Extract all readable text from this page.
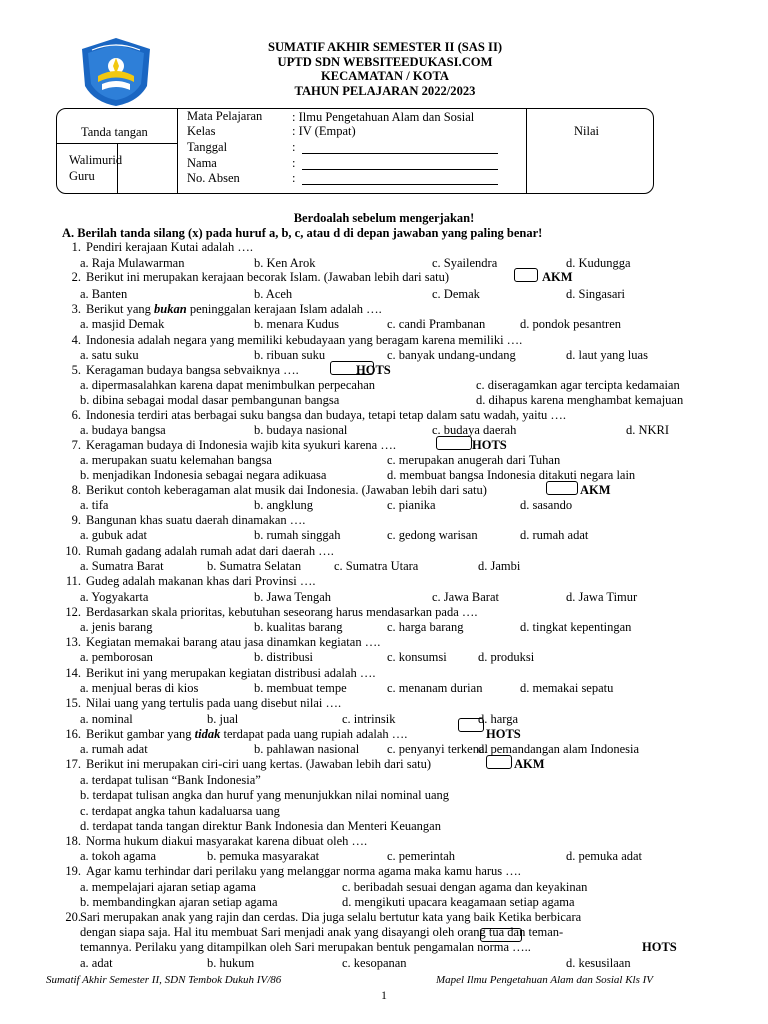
SUMATIF AKHIR SEMESTER II (SAS II)
UPTD SDN WEBSITEEDUKASI.COM
KECAMATAN / KOTA
TAHUN PELAJARAN 2022/2023
Tanda tangan
Walimurid
Guru
Mata Pelajaran : Ilmu Pengetahuan Alam dan Sosial
Kelas	: IV (Empat)
Tanggal	:
Nama	:
No. Absen	:
Nilai
Berdoalah sebelum mengerjakan!
A. Berilah tanda silang (x) pada huruf a, b, c, atau d di depan jawaban yang paling benar!
1. Pendiri kerajaan Kutai adalah ….
a. Raja Mulawarman	b. Ken Arok	c. Syailendra	d. Kudungga
2. Berikut ini merupakan kerajaan becorak Islam. (Jawaban lebih dari satu)	AKM
a. Banten	b. Aceh	c. Demak	d. Singasari
3. Berikut yang bukan peninggalan kerajaan Islam adalah ….
a. masjid Demak	b. menara Kudus	c. candi Prambanan	d. pondok pesantren
4. Indonesia adalah negara yang memiliki kebudayaan yang beragam karena memiliki ….
a. satu suku	b. ribuan suku	c. banyak undang-undang	d. laut yang luas
5. Keragaman budaya bangsa sebvaiknya ….	HOTS
a. dipermasalahkan karena dapat menimbulkan perpecahan
b. dibina sebagai modal dasar pembangunan bangsa
c. diseragamkan agar tercipta kedamaian
d. dihapus karena menghambat kemajuan
6. Indonesia terdiri atas berbagai suku bangsa dan budaya, tetapi tetap dalam satu wadah, yaitu ….
a. budaya bangsa	b. budaya nasional	c. budaya daerah	d. NKRI
7. Keragaman budaya di Indonesia wajib kita syukuri karena ….	HOTS
a. merupakan suatu kelemahan bangsa
b. menjadikan Indonesia sebagai negara adikuasa
c. merupakan anugerah dari Tuhan
d. membuat bangsa Indonesia ditakuti negara lain
8. Berikut contoh keberagaman alat musik dai Indonesia. (Jawaban lebih dari satu)	AKM
a. tifa	b. angklung	c. pianika	d. sasando
9. Bangunan khas suatu daerah dinamakan ….
a. gubuk adat	b. rumah singgah	c. gedong warisan	d. rumah adat
10. Rumah gadang adalah rumah adat dari daerah ….
a. Sumatra Barat	b. Sumatra Selatan	c. Sumatra Utara	d. Jambi
11. Gudeg adalah makanan khas dari Provinsi ….
a. Yogyakarta	b. Jawa Tengah	c. Jawa Barat	d. Jawa Timur
12. Berdasarkan skala prioritas, kebutuhan seseorang harus mendasarkan pada ….
a. jenis barang	b. kualitas barang	c. harga barang	d. tingkat kepentingan
13. Kegiatan memakai barang atau jasa dinamkan kegiatan ….
a. pemborosan	b. distribusi	c. konsumsi	d. produksi
14. Berikut ini yang merupakan kegiatan distribusi adalah ….
a. menjual beras di kios	b. membuat tempe	c. menanam durian	d. memakai sepatu
15. Nilai uang yang tertulis pada uang disebut nilai ….
a. nominal	b. jual	c. intrinsik	d. harga
16. Berikut gambar yang tidak terdapat pada uang rupiah adalah ….	HOTS
a. rumah adat	b. pahlawan nasional c. penyanyi terkenal
d. pemandangan alam Indonesia
17. Berikut ini merupakan ciri-ciri uang kertas. (Jawaban lebih dari satu)	AKM
a. terdapat tulisan “Bank Indonesia”
b. terdapat tulisan angka dan huruf yang menunjukkan nilai nominal uang
c. terdapat angka tahun kadaluarsa uang
d. terdapat tanda tangan direktur Bank Indonesia dan Menteri Keuangan
18. Norma hukum diakui masyarakat karena dibuat oleh ….
a. tokoh agama	b. pemuka masyarakat	c. pemerintah	d. pemuka adat
19. Agar kamu terhindar dari perilaku yang melanggar norma agama maka kamu harus ….
a. mempelajari ajaran setiap agama
b. membandingkan ajaran setiap agama
c. beribadah sesuai dengan agama dan keyakinan
d. mengikuti upacara keagamaan setiap agama
20. Sari merupakan anak yang rajin dan cerdas. Dia juga selalu bertutur kata yang baik Ketika berbicara
dengan siapa saja. Hal itu membuat Sari menjadi anak yang disayangi oleh orang tua dan teman-
temannya. Perilaku yang ditampilkan oleh Sari merupakan bentuk pengamalan norma …..	HOTS
a. adat	b. hukum	c. kesopanan	d. kesusilaan
Sumatif Akhir Semester II, SDN Tembok Dukuh IV/86	Mapel Ilmu Pengetahuan Alam dan Sosial Kls IV
1
